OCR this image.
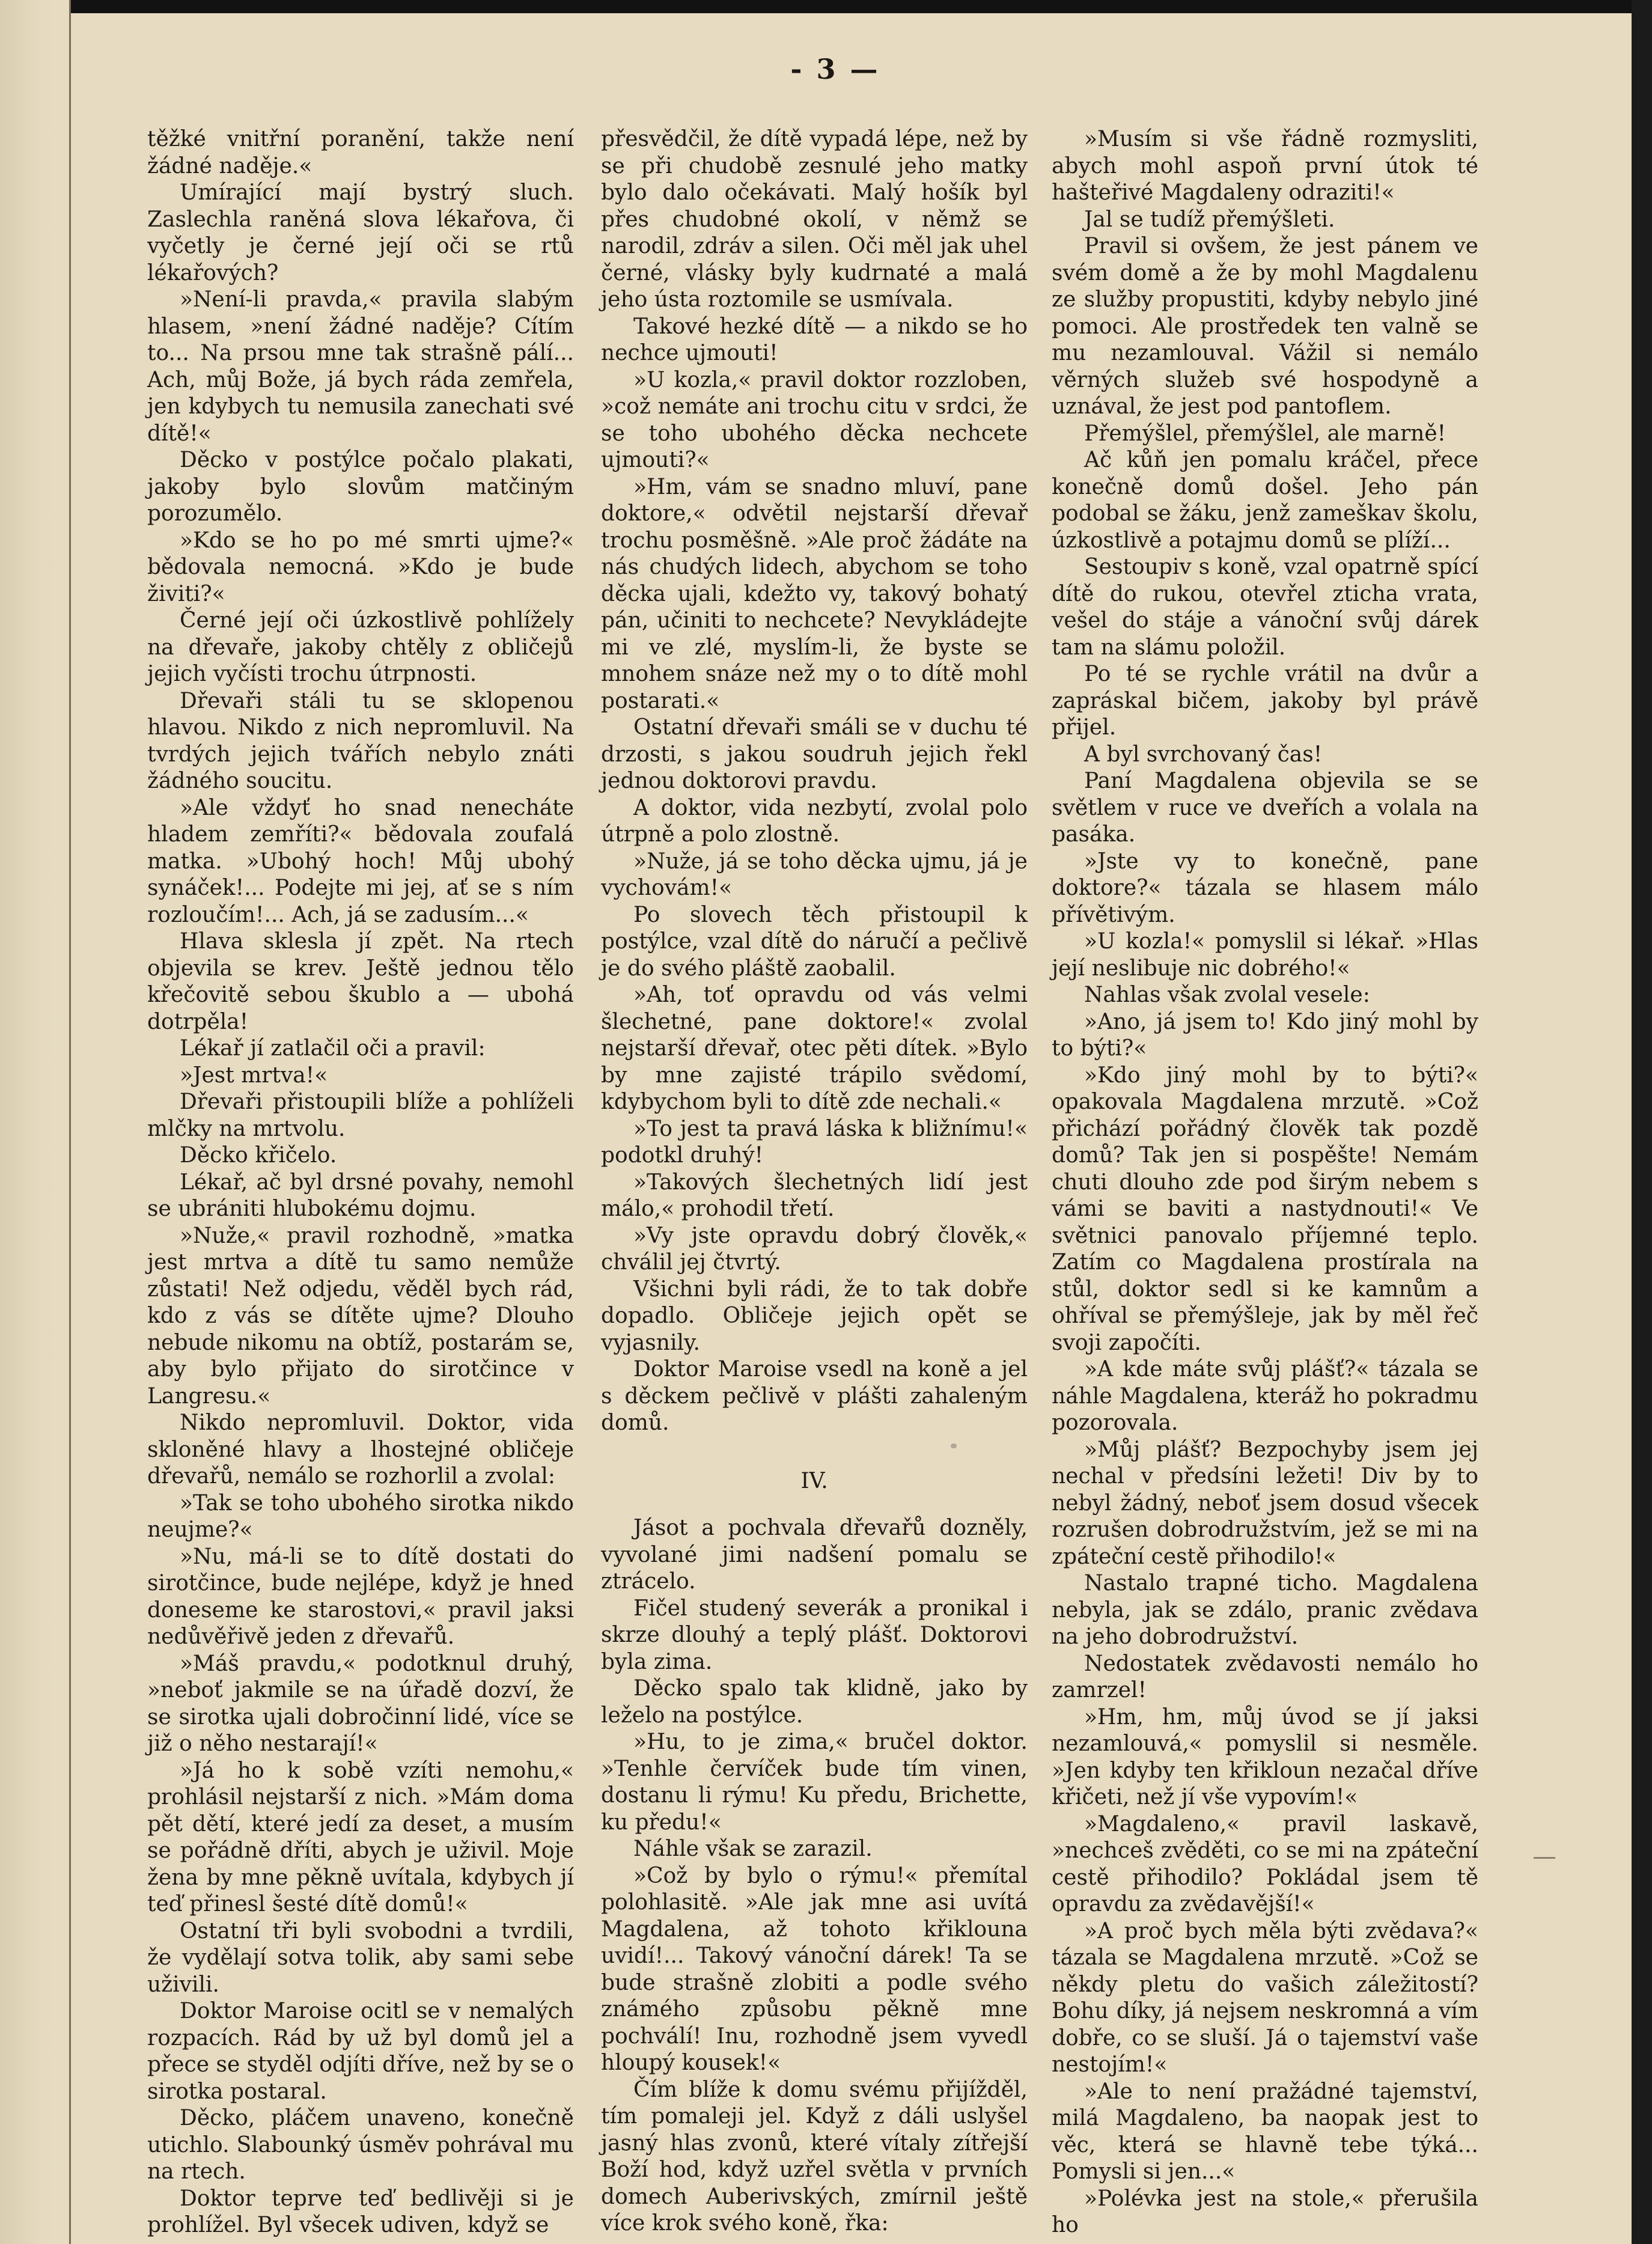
- 3 —

těžké vnitřní poranění, takže není žádné naděje.«

Umírající mají bystrý sluch. Zaslechla raněná slova lékařova, či vyčetly je černé její oči se rtů lékařových?

»Není-li pravda,« pravila slabým hlasem, »není žádné naděje? Cítím to... Na prsou mne tak strašně pálí... Ach, můj Bože, já bych ráda zemřela, jen kdybych tu nemusila zanechati své dítě!«

Děcko v postýlce počalo plakati, jakoby bylo slovům matčiným porozumělo.

»Kdo se ho po mé smrti ujme?« bědovala nemocná. »Kdo je bude živiti?«

Černé její oči úzkostlivě pohlížely na dřevaře, jakoby chtěly z obličejů jejich vyčísti trochu útrpnosti.

Dřevaři stáli tu se sklopenou hlavou. Nikdo z nich nepromluvil. Na tvrdých jejich tvářích nebylo znáti žádného soucitu.

»Ale vždyť ho snad nenecháte hladem zemříti?« bědovala zoufalá matka. »Ubohý hoch! Můj ubohý synáček!... Podejte mi jej, ať se s ním rozloučím!... Ach, já se zadusím...«

Hlava sklesla jí zpět. Na rtech objevila se krev. Ještě jednou tělo křečovitě sebou škublo a — ubohá dotrpěla!

Lékař jí zatlačil oči a pravil:

»Jest mrtva!«

Dřevaři přistoupili blíže a pohlíželi mlčky na mrtvolu.

Děcko křičelo.

Lékař, ač byl drsné povahy, nemohl se ubrániti hlubokému dojmu.

»Nuže,« pravil rozhodně, »matka jest mrtva a dítě tu samo nemůže zůstati! Než odjedu, věděl bych rád, kdo z vás se dítěte ujme? Dlouho nebude nikomu na obtíž, postarám se, aby bylo přijato do sirotčince v Langresu.«

Nikdo nepromluvil. Doktor, vida skloněné hlavy a lhostejné obličeje dřevařů, nemálo se rozhorlil a zvolal:

»Tak se toho ubohého sirotka nikdo neujme?«

»Nu, má-li se to dítě dostati do sirotčince, bude nejlépe, když je hned doneseme ke starostovi,« pravil jaksi nedůvěřivě jeden z dřevařů.

»Máš pravdu,« podotknul druhý, »neboť jakmile se na úřadě dozví, že se sirotka ujali dobročinní lidé, více se již o něho nestarají!«

»Já ho k sobě vzíti nemohu,« prohlásil nejstarší z nich. »Mám doma pět dětí, které jedí za deset, a musím se pořádně dříti, abych je uživil. Moje žena by mne pěkně uvítala, kdybych jí teď přinesl šesté dítě domů!«

Ostatní tři byli svobodni a tvrdili, že vydělají sotva tolik, aby sami sebe uživili.

Doktor Maroise ocitl se v nemalých rozpacích. Rád by už byl domů jel a přece se styděl odjíti dříve, než by se o sirotka postaral.

Děcko, pláčem unaveno, konečně utichlo. Slabounký úsměv pohrával mu na rtech.

Doktor teprve teď bedlivěji si je prohlížel. Byl všecek udiven, když se

přesvědčil, že dítě vypadá lépe, než by se při chudobě zesnulé jeho matky bylo dalo očekávati. Malý hošík byl přes chudobné okolí, v němž se narodil, zdráv a silen. Oči měl jak uhel černé, vlásky byly kudrnaté a malá jeho ústa roztomile se usmívala.

Takové hezké dítě — a nikdo se ho nechce ujmouti!

»U kozla,« pravil doktor rozzloben, »což nemáte ani trochu citu v srdci, že se toho ubohého děcka nechcete ujmouti?«

»Hm, vám se snadno mluví, pane doktore,« odvětil nejstarší dřevař trochu posměšně. »Ale proč žádáte na nás chudých lidech, abychom se toho děcka ujali, kdežto vy, takový bohatý pán, učiniti to nechcete? Nevykládejte mi ve zlé, myslím-li, že byste se mnohem snáze než my o to dítě mohl postarati.«

Ostatní dřevaři smáli se v duchu té drzosti, s jakou soudruh jejich řekl jednou doktorovi pravdu.

A doktor, vida nezbytí, zvolal polo útrpně a polo zlostně.

»Nuže, já se toho děcka ujmu, já je vychovám!«

Po slovech těch přistoupil k postýlce, vzal dítě do náručí a pečlivě je do svého pláště zaobalil.

»Ah, toť opravdu od vás velmi šlechetné, pane doktore!« zvolal nejstarší dřevař, otec pěti dítek. »Bylo by mne zajisté trápilo svědomí, kdybychom byli to dítě zde nechali.«

»To jest ta pravá láska k bližnímu!« podotkl druhý!

»Takových šlechetných lidí jest málo,« prohodil třetí.

»Vy jste opravdu dobrý člověk,« chválil jej čtvrtý.

Všichni byli rádi, že to tak dobře dopadlo. Obličeje jejich opět se vyjasnily.

Doktor Maroise vsedl na koně a jel s děckem pečlivě v plášti zahaleným domů.

IV.

Jásot a pochvala dřevařů dozněly, vyvolané jimi nadšení pomalu se ztrácelo.

Fičel studený severák a pronikal i skrze dlouhý a teplý plášť. Doktorovi byla zima.

Děcko spalo tak klidně, jako by leželo na postýlce.

»Hu, to je zima,« bručel doktor. »Tenhle červíček bude tím vinen, dostanu li rýmu! Ku předu, Brichette, ku předu!«

Náhle však se zarazil.

»Což by bylo o rýmu!« přemítal polohlasitě. »Ale jak mne asi uvítá Magdalena, až tohoto křiklouna uvidí!... Takový vánoční dárek! Ta se bude strašně zlobiti a podle svého známého způsobu pěkně mne pochválí! Inu, rozhodně jsem vyvedl hloupý kousek!«

Čím blíže k domu svému přijížděl, tím pomaleji jel. Když z dáli uslyšel jasný hlas zvonů, které vítaly zítřejší Boží hod, když uzřel světla v prvních domech Auberivských, zmírnil ještě více krok svého koně, řka:

»Musím si vše řádně rozmysliti, abych mohl aspoň první útok té hašteřivé Magdaleny odraziti!«

Jal se tudíž přemýšleti.

Pravil si ovšem, že jest pánem ve svém domě a že by mohl Magdalenu ze služby propustiti, kdyby nebylo jiné pomoci. Ale prostředek ten valně se mu nezamlouval. Vážil si nemálo věrných služeb své hospodyně a uznával, že jest pod pantoflem.

Přemýšlel, přemýšlel, ale marně!

Ač kůň jen pomalu kráčel, přece konečně domů došel. Jeho pán podobal se žáku, jenž zameškav školu, úzkostlivě a potajmu domů se plíží...

Sestoupiv s koně, vzal opatrně spící dítě do rukou, otevřel zticha vrata, vešel do stáje a vánoční svůj dárek tam na slámu položil.

Po té se rychle vrátil na dvůr a zapráskal bičem, jakoby byl právě přijel.

A byl svrchovaný čas!

Paní Magdalena objevila se se světlem v ruce ve dveřích a volala na pasáka.

»Jste vy to konečně, pane doktore?« tázala se hlasem málo přívětivým.

»U kozla!« pomyslil si lékař. »Hlas její neslibuje nic dobrého!«

Nahlas však zvolal vesele:

»Ano, já jsem to! Kdo jiný mohl by to býti?«

»Kdo jiný mohl by to býti?« opakovala Magdalena mrzutě. »Což přichází pořádný člověk tak pozdě domů? Tak jen si pospěšte! Nemám chuti dlouho zde pod širým nebem s vámi se baviti a nastydnouti!« Ve světnici panovalo příjemné teplo. Zatím co Magdalena prostírala na stůl, doktor sedl si ke kamnům a ohříval se přemýšleje, jak by měl řeč svoji započíti.

»A kde máte svůj plášť?« tázala se náhle Magdalena, kteráž ho pokradmu pozorovala.

»Můj plášť? Bezpochyby jsem jej nechal v předsíni ležeti! Div by to nebyl žádný, neboť jsem dosud všecek rozrušen dobrodružstvím, jež se mi na zpáteční cestě přihodilo!«

Nastalo trapné ticho. Magdalena nebyla, jak se zdálo, pranic zvědava na jeho dobrodružství.

Nedostatek zvědavosti nemálo ho zamrzel!

»Hm, hm, můj úvod se jí jaksi nezamlouvá,« pomyslil si nesměle. »Jen kdyby ten křikloun nezačal dříve křičeti, než jí vše vypovím!«

»Magdaleno,« pravil laskavě, »nechceš zvěděti, co se mi na zpáteční cestě přihodilo? Pokládal jsem tě opravdu za zvědavější!«

»A proč bych měla býti zvědava?« tázala se Magdalena mrzutě. »Což se někdy pletu do vašich záležitostí? Bohu díky, já nejsem neskromná a vím dobře, co se sluší. Já o tajemství vaše nestojím!«

»Ale to není pražádné tajemství, milá Magdaleno, ba naopak jest to věc, která se hlavně tebe týká... Pomysli si jen...«

»Polévka jest na stole,« přerušila ho
